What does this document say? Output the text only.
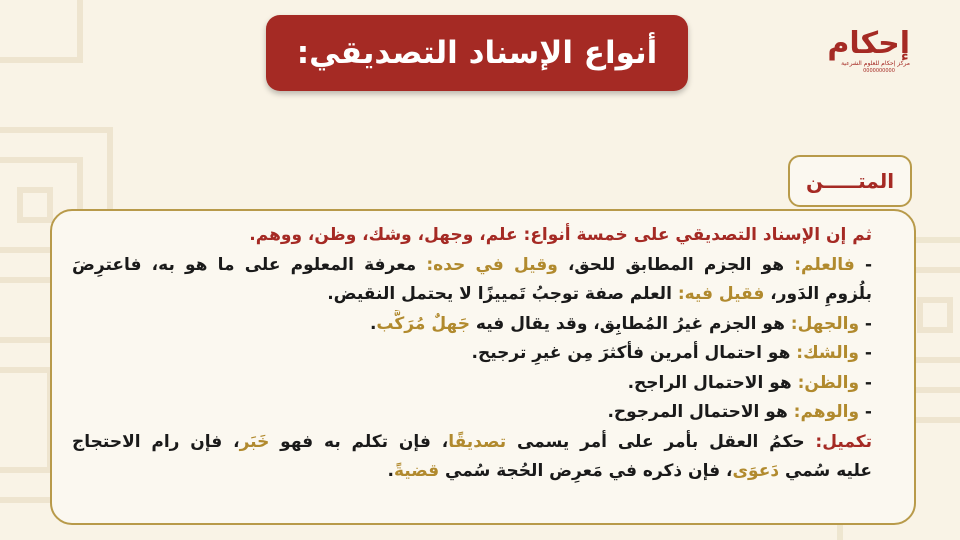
أنواع الإسناد التصديقي:	إحكام
مركز إحكام للعلوم الشرعية
0000000000
المتـــــن
ثم إن الإسناد التصديقي على خمسة أنواع: علم، وجهل، وشك، وظن، ووهم.
- فالعلم: هو الجزم المطابق للحق، وقيل في حده: معرفة المعلوم على ما هو به، فاعترِضَ
بلُزومِ الدَور، فقيل فيه: العلم صفة توجبُ تَمييزًا لا يحتمل النقيض.
- والجهل: هو الجزم غيرُ المُطابِق، وقد يقال فيه جَهلٌ مُرَكَّب.
- والشك: هو احتمال أمرين فأكثرَ مِن غيرِ ترجيح.
- والظن: هو الاحتمال الراجح.
- والوهم: هو الاحتمال المرجوح.
تكميل: حكمُ العقل بأمر على أمر يسمى تصديقًا، فإن تكلم به فهو خَبَر، فإن رام الاحتجاج
عليه سُمي دَعوَى، فإن ذكره في مَعرِض الحُجة سُمي قضيةً.
